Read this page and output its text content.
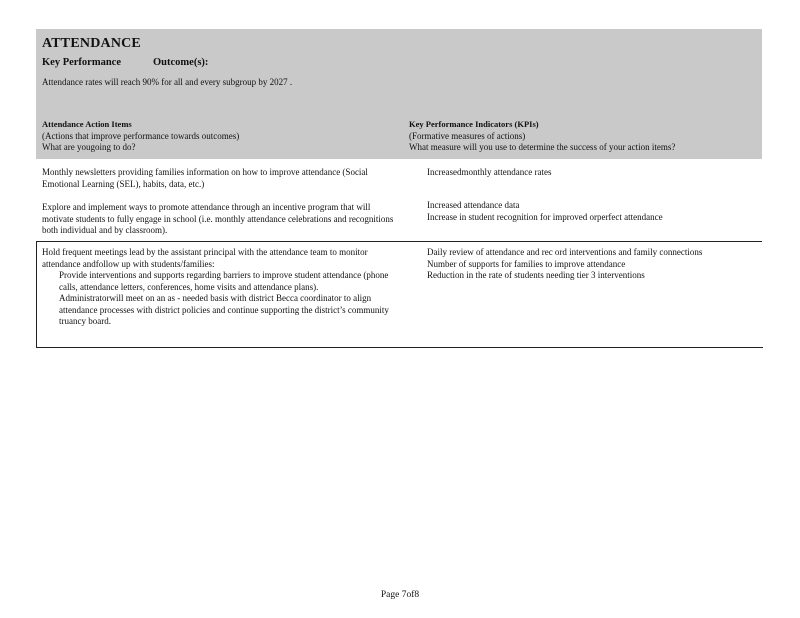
ATTENDANCE
Key Performance	Outcome(s):
Attendance rates will reach 90% for all and every subgroup by 2027 .
Attendance Action Items
(Actions that improve performance towards outcomes)
What are yougoing to do?
Key Performance Indicators (KPIs)
(Formative measures of actions)
What measure will you use to determine the success of your action items?

Monthly newsletters providing families information on how to improve attendance (Social Emotional Learning (SEL), habits, data, etc.)

Explore and implement ways to promote attendance through an incentive program that will motivate students to fully engage in school (i.e. monthly attendance celebrations and recognitions both individual and by classroom).

Increasedmonthly attendance rates
Increased attendance data
Increase in student recognition for improved orperfect attendance
Hold frequent meetings lead by the assistant principal with the attendance team to monitor attendance andfollow up with students/families:
Provide interventions and supports regarding barriers to improve student attendance (phone calls, attendance letters, conferences, home visits and attendance plans).
Administratorwill meet on an as - needed basis with district Becca coordinator to align attendance processes with district policies and continue supporting the district’s community truancy board.
Daily review of attendance and rec ord interventions and family connections
Number of supports for families to improve attendance
Reduction in the rate of students needing tier 3 interventions
Page 7of8
